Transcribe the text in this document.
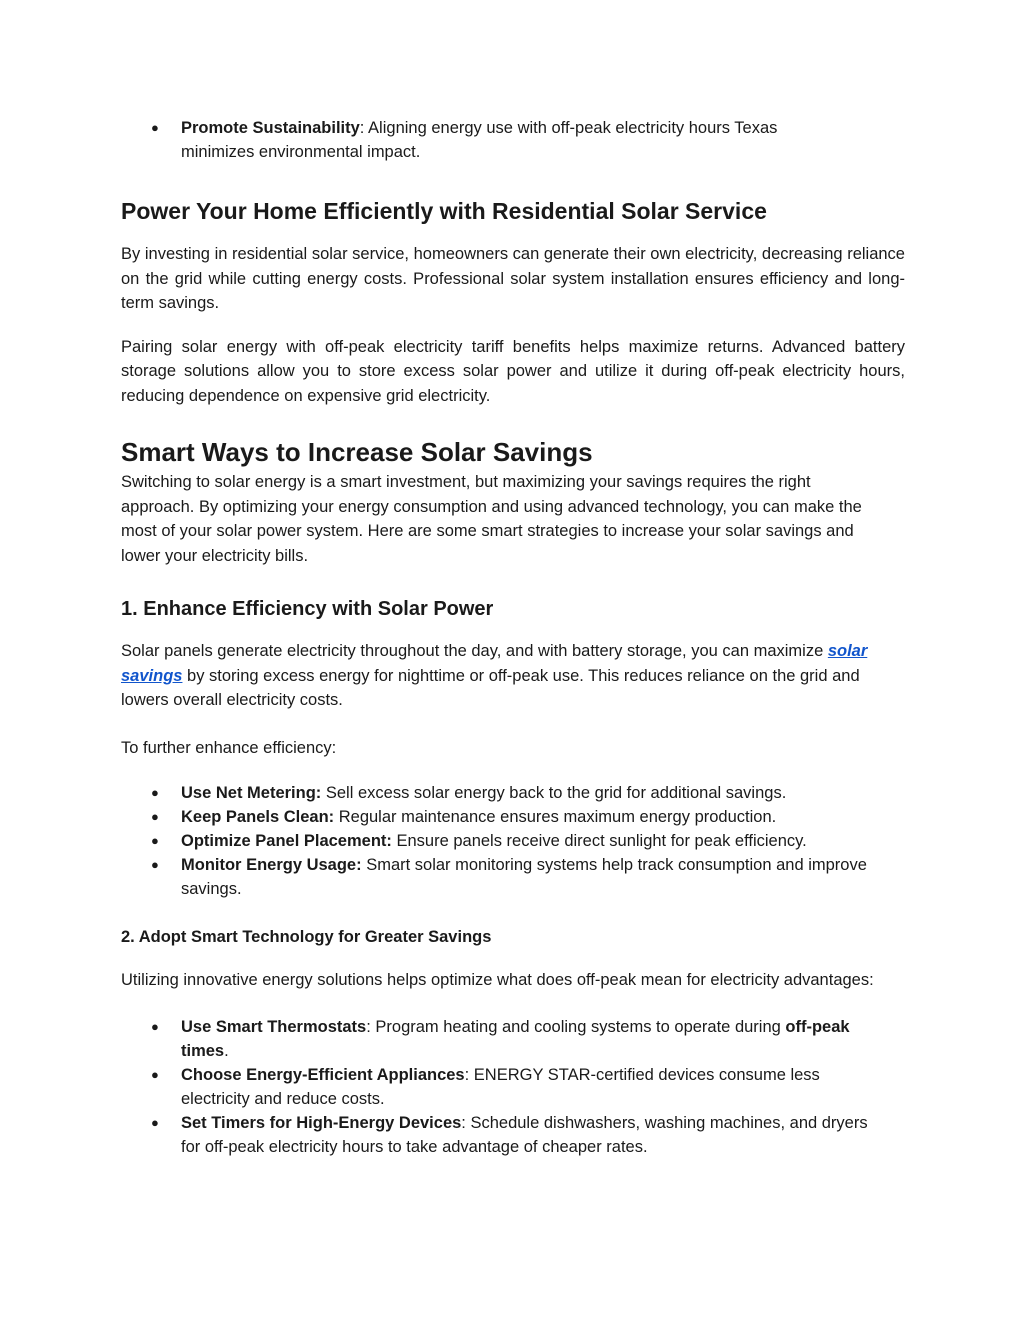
● Promote Sustainability: Aligning energy use with off-peak electricity hours Texas minimizes environmental impact.
Power Your Home Efficiently with Residential Solar Service

By investing in residential solar service, homeowners can generate their own electricity, decreasing reliance on the grid while cutting energy costs. Professional solar system installation ensures efficiency and long-term savings.

Pairing solar energy with off-peak electricity tariff benefits helps maximize returns. Advanced battery storage solutions allow you to store excess solar power and utilize it during off-peak electricity hours, reducing dependence on expensive grid electricity.

Smart Ways to Increase Solar Savings

Switching to solar energy is a smart investment, but maximizing your savings requires the right approach. By optimizing your energy consumption and using advanced technology, you can make the most of your solar power system. Here are some smart strategies to increase your solar savings and lower your electricity bills.

1. Enhance Efficiency with Solar Power

Solar panels generate electricity throughout the day, and with battery storage, you can maximize solar savings by storing excess energy for nighttime or off-peak use. This reduces reliance on the grid and lowers overall electricity costs.

To further enhance efficiency:

● Use Net Metering: Sell excess solar energy back to the grid for additional savings.
● Keep Panels Clean: Regular maintenance ensures maximum energy production.
● Optimize Panel Placement: Ensure panels receive direct sunlight for peak efficiency.
● Monitor Energy Usage: Smart solar monitoring systems help track consumption and improve savings.
2. Adopt Smart Technology for Greater Savings

Utilizing innovative energy solutions helps optimize what does off-peak mean for electricity advantages:

● Use Smart Thermostats: Program heating and cooling systems to operate during off-peak times.
● Choose Energy-Efficient Appliances: ENERGY STAR-certified devices consume less electricity and reduce costs.
● Set Timers for High-Energy Devices: Schedule dishwashers, washing machines, and dryers for off-peak electricity hours to take advantage of cheaper rates.
